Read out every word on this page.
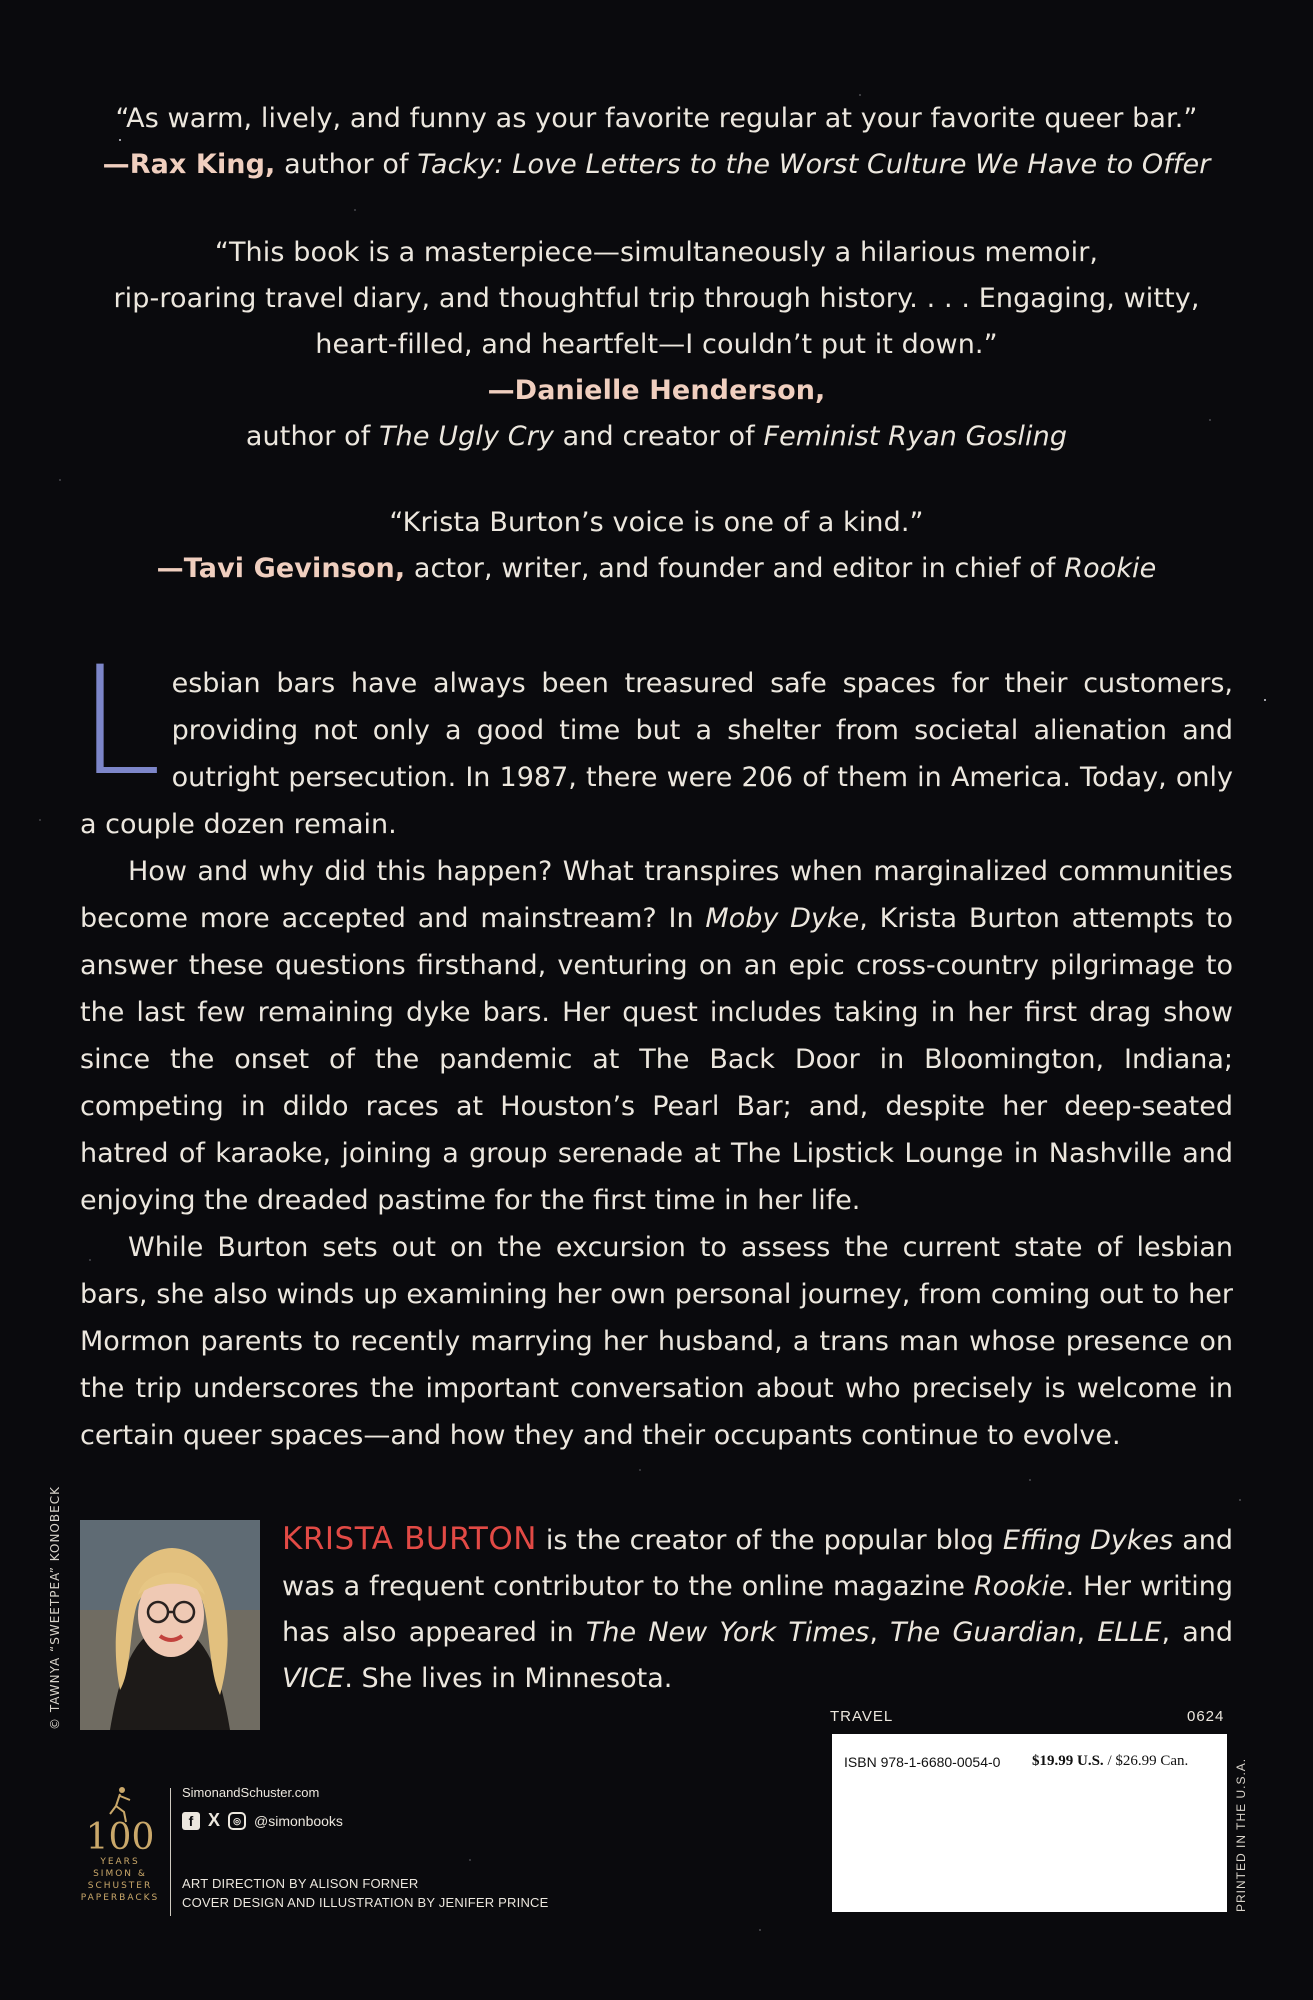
“As warm, lively, and funny as your favorite regular at your favorite queer bar.”
—Rax King, author of Tacky: Love Letters to the Worst Culture We Have to Offer
“This book is a masterpiece—simultaneously a hilarious memoir,
rip-roaring travel diary, and thoughtful trip through history. . . . Engaging, witty,
heart-filled, and heartfelt—I couldn’t put it down.”
—Danielle Henderson,
author of The Ugly Cry and creator of Feminist Ryan Gosling
“Krista Burton’s voice is one of a kind.”
—Tavi Gevinson, actor, writer, and founder and editor in chief of Rookie

Lesbian bars have always been treasured safe spaces for their customers, providing not only a good time but a shelter from societal alienation and outright persecution. In 1987, there were 206 of them in America. Today, only a couple dozen remain.

How and why did this happen? What transpires when marginalized communities become more accepted and mainstream? In Moby Dyke, Krista Burton attempts to answer these questions firsthand, venturing on an epic cross-country pilgrimage to the last few remaining dyke bars. Her quest includes taking in her first drag show since the onset of the pandemic at The Back Door in Bloomington, Indiana; competing in dildo races at Houston’s Pearl Bar; and, despite her deep-seated hatred of karaoke, joining a group serenade at The Lipstick Lounge in Nashville and enjoying the dreaded pastime for the first time in her life.

While Burton sets out on the excursion to assess the current state of lesbian bars, she also winds up examining her own personal journey, from coming out to her Mormon parents to recently marrying her husband, a trans man whose presence on the trip underscores the important conversation about who precisely is welcome in certain queer spaces—and how they and their occupants continue to evolve.

© TAWNYA “SWEETPEA” KONOBECK	KRISTA BURTON is the creator of the popular blog Effing Dykes and was a frequent contributor to the online magazine Rookie. Her writing has also appeared in The New York Times, The Guardian, ELLE, and VICE. She lives in Minnesota.
100
YEARS
SIMON &
SCHUSTER
PAPERBACKS
SimonandSchuster.com
f X	◎ @simonbooks
ART DIRECTION BY ALISON FORNER
COVER DESIGN AND ILLUSTRATION BY JENIFER PRINCE
TRAVEL	0624
ISBN 978-1-6680-0054-0 $19.99 U.S. / $26.99 Can.	PRINTED IN THE U.S.A.
